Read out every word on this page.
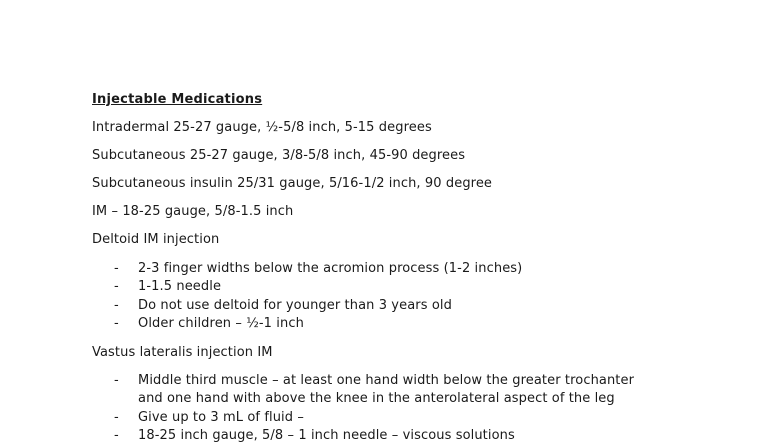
Injectable Medications
Intradermal 25-27 gauge, ½-5/8 inch, 5-15 degrees
Subcutaneous 25-27 gauge, 3/8-5/8 inch, 45-90 degrees
Subcutaneous insulin 25/31 gauge, 5/16-1/2 inch, 90 degree
IM – 18-25 gauge, 5/8-1.5 inch
Deltoid IM injection
- 2-3 finger widths below the acromion process (1-2 inches)
- 1-1.5 needle
- Do not use deltoid for younger than 3 years old
- Older children – ½-1 inch
Vastus lateralis injection IM
- Middle third muscle – at least one hand width below the greater trochanter
and one hand with above the knee in the anterolateral aspect of the leg
- Give up to 3 mL of fluid –
- 18-25 inch gauge, 5/8 – 1 inch needle – viscous solutions
